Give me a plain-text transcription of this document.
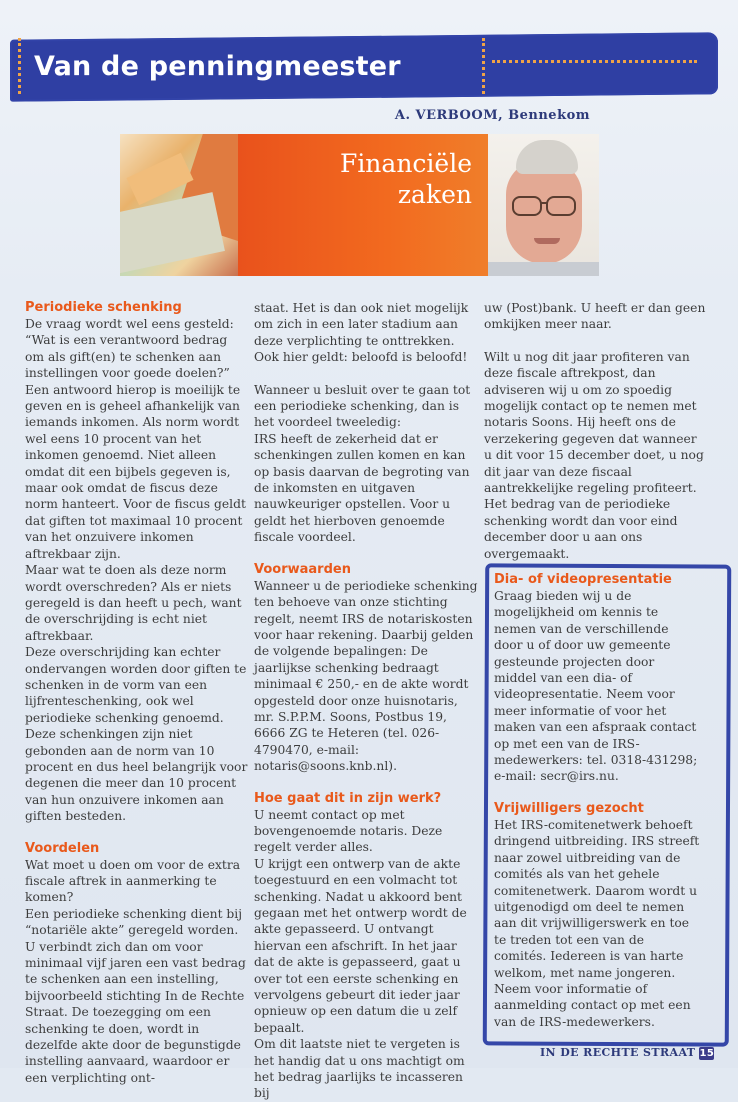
Van de penningmeester
A. VERBOOM, Bennekom
Financiële
zaken
Periodieke schenking

De vraag wordt wel eens gesteld: “Wat is een verantwoord bedrag om als gift(en) te schenken aan instellingen voor goede doelen?”

Een antwoord hierop is moeilijk te geven en is geheel afhankelijk van iemands inkomen. Als norm wordt wel eens 10 procent van het inkomen genoemd. Niet alleen omdat dit een bijbels gegeven is, maar ook omdat de fiscus deze norm hanteert. Voor de fiscus geldt dat giften tot maximaal 10 procent van het onzuivere inkomen aftrekbaar zijn.

Maar wat te doen als deze norm wordt overschreden? Als er niets geregeld is dan heeft u pech, want de overschrijding is echt niet aftrekbaar.

Deze overschrijding kan echter ondervangen worden door giften te schenken in de vorm van een lijfrenteschenking, ook wel periodieke schenking genoemd. Deze schenkingen zijn niet gebonden aan de norm van 10 procent en dus heel belangrijk voor degenen die meer dan 10 procent van hun onzuivere inkomen aan giften besteden.

Voordelen

Wat moet u doen om voor de extra fiscale aftrek in aanmerking te komen?

Een periodieke schenking dient bij “notariële akte” geregeld worden. U verbindt zich dan om voor minimaal vijf jaren een vast bedrag te schenken aan een instelling, bijvoorbeeld stichting In de Rechte Straat. De toezegging om een schenking te doen, wordt in dezelfde akte door de begunstigde instelling aanvaard, waardoor er een verplichting ont-

staat. Het is dan ook niet mogelijk om zich in een later stadium aan deze verplichting te onttrekken. Ook hier geldt: beloofd is beloofd!

Wanneer u besluit over te gaan tot een periodieke schenking, dan is het voordeel tweeledig:

IRS heeft de zekerheid dat er schenkingen zullen komen en kan op basis daarvan de begroting van de inkomsten en uitgaven nauwkeuriger opstellen. Voor u geldt het hierboven genoemde fiscale voordeel.

Voorwaarden

Wanneer u de periodieke schenking ten behoeve van onze stichting regelt, neemt IRS de notariskosten voor haar rekening. Daarbij gelden de volgende bepalingen: De jaarlijkse schenking bedraagt minimaal € 250,- en de akte wordt opgesteld door onze huisnotaris, mr. S.P.P.M. Soons, Postbus 19, 6666 ZG te Heteren (tel. 026-4790470, e-mail: notaris@soons.knb.nl).

Hoe gaat dit in zijn werk?

U neemt contact op met bovengenoemde notaris. Deze regelt verder alles.

U krijgt een ontwerp van de akte toegestuurd en een volmacht tot schenking. Nadat u akkoord bent gegaan met het ontwerp wordt de akte gepasseerd. U ontvangt hiervan een afschrift. In het jaar dat de akte is gepasseerd, gaat u over tot een eerste schenking en vervolgens gebeurt dit ieder jaar opnieuw op een datum die u zelf bepaalt.

Om dit laatste niet te vergeten is het handig dat u ons machtigt om het bedrag jaarlijks te incasseren bij

uw (Post)bank. U heeft er dan geen omkijken meer naar.

Wilt u nog dit jaar profiteren van deze fiscale aftrekpost, dan adviseren wij u om zo spoedig mogelijk contact op te nemen met notaris Soons. Hij heeft ons de verzekering gegeven dat wanneer u dit voor 15 december doet, u nog dit jaar van deze fiscaal aantrekkelijke regeling profiteert. Het bedrag van de periodieke schenking wordt dan voor eind december door u aan ons overgemaakt.

Dia- of videopresentatie

Graag bieden wij u de mogelijkheid om kennis te nemen van de verschillende door u of door uw gemeente gesteunde projecten door middel van een dia- of videopresentatie. Neem voor meer informatie of voor het maken van een afspraak contact op met een van de IRS-medewerkers: tel. 0318-431298; e-mail: secr@irs.nu.

Vrijwilligers gezocht

Het IRS-comitenetwerk behoeft dringend uitbreiding. IRS streeft naar zowel uitbreiding van de comités als van het gehele comitenetwerk. Daarom wordt u uitgenodigd om deel te nemen aan dit vrijwilligerswerk en toe te treden tot een van de comités. Iedereen is van harte welkom, met name jongeren. Neem voor informatie of aanmelding contact op met een van de IRS-medewerkers.

IN DE RECHTE STRAAT 15
